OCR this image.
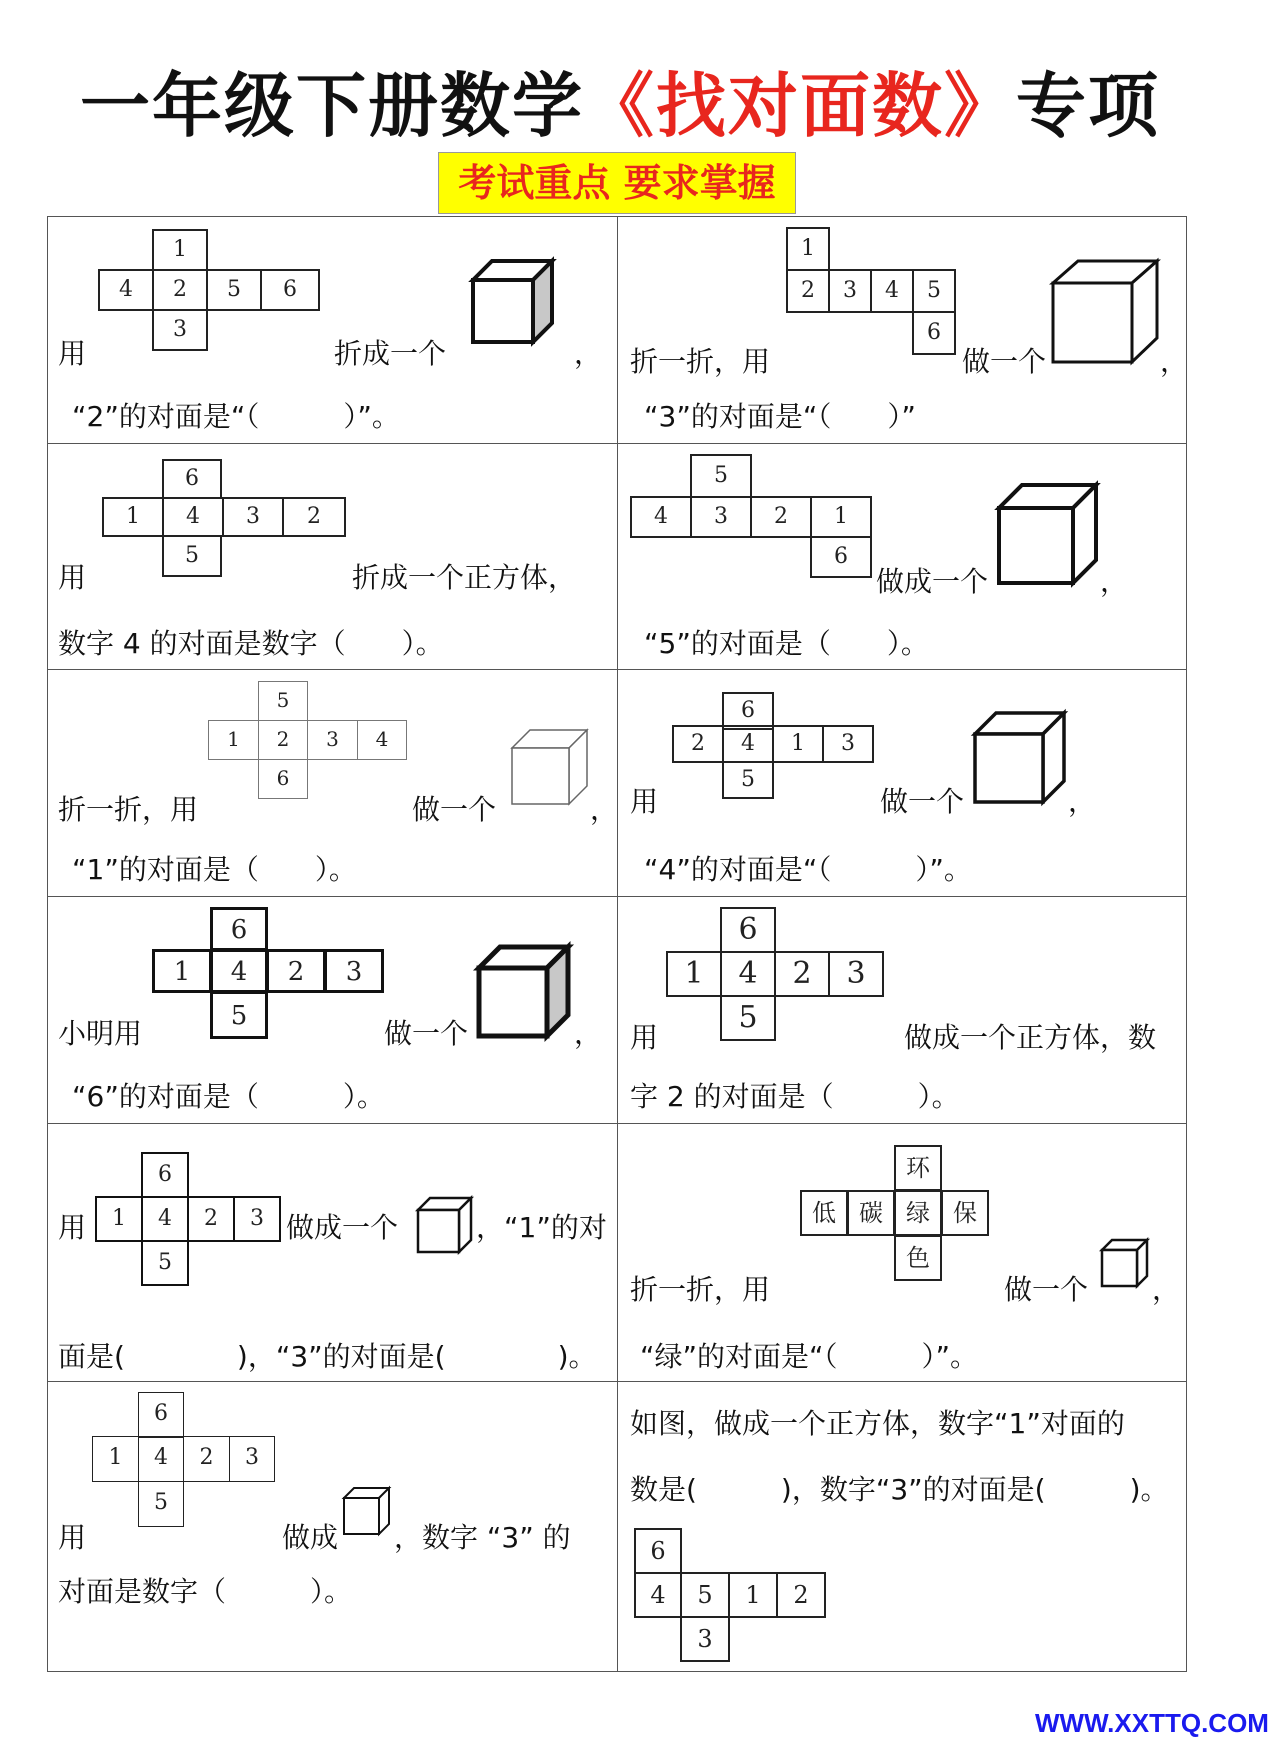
一年级下册数学《找对面数》专项
考试重点 要求掌握
1
4	2	5	6
3
用	折成一个	，
“2”的对面是“（　　　）”。
1
2	3	4	5
6
折一折，用	做一个	，
“3”的对面是“（　　）”
6
1	4	3	2
5
用	折成一个正方体，
数字 4 的对面是数字（　　）。
5
4	3	2	1
6
做成一个	，
“5”的对面是（　　）。
5
1	2	3	4
6
折一折，用	做一个	，
“1”的对面是（　　）。
6
2	4	1	3
5
用	做一个	，
“4”的对面是“（　　　）”。
6
1	4	2	3
5
小明用	做一个	，
“6”的对面是（　　　）。
6
1	4	2	3
5
用	做成一个正方体，数
字 2 的对面是（　　　）。
6
1	4	2	3
5
用	做成一个	，“1”的对
面是(　　　　)，“3”的对面是(　　　　)。
环
低 碳 绿 保
色
折一折，用	做一个 ，
“绿”的对面是“（　　　）”。
6
1	4	2	3
5
用	做成 ，数字 “3” 的
对面是数字（　　　）。
如图，做成一个正方体，数字“1”对面的
数是(　　　)，数字“3”的对面是(　　　)。
6
4	5	1	2
3
WWW.XXTTQ.COM
